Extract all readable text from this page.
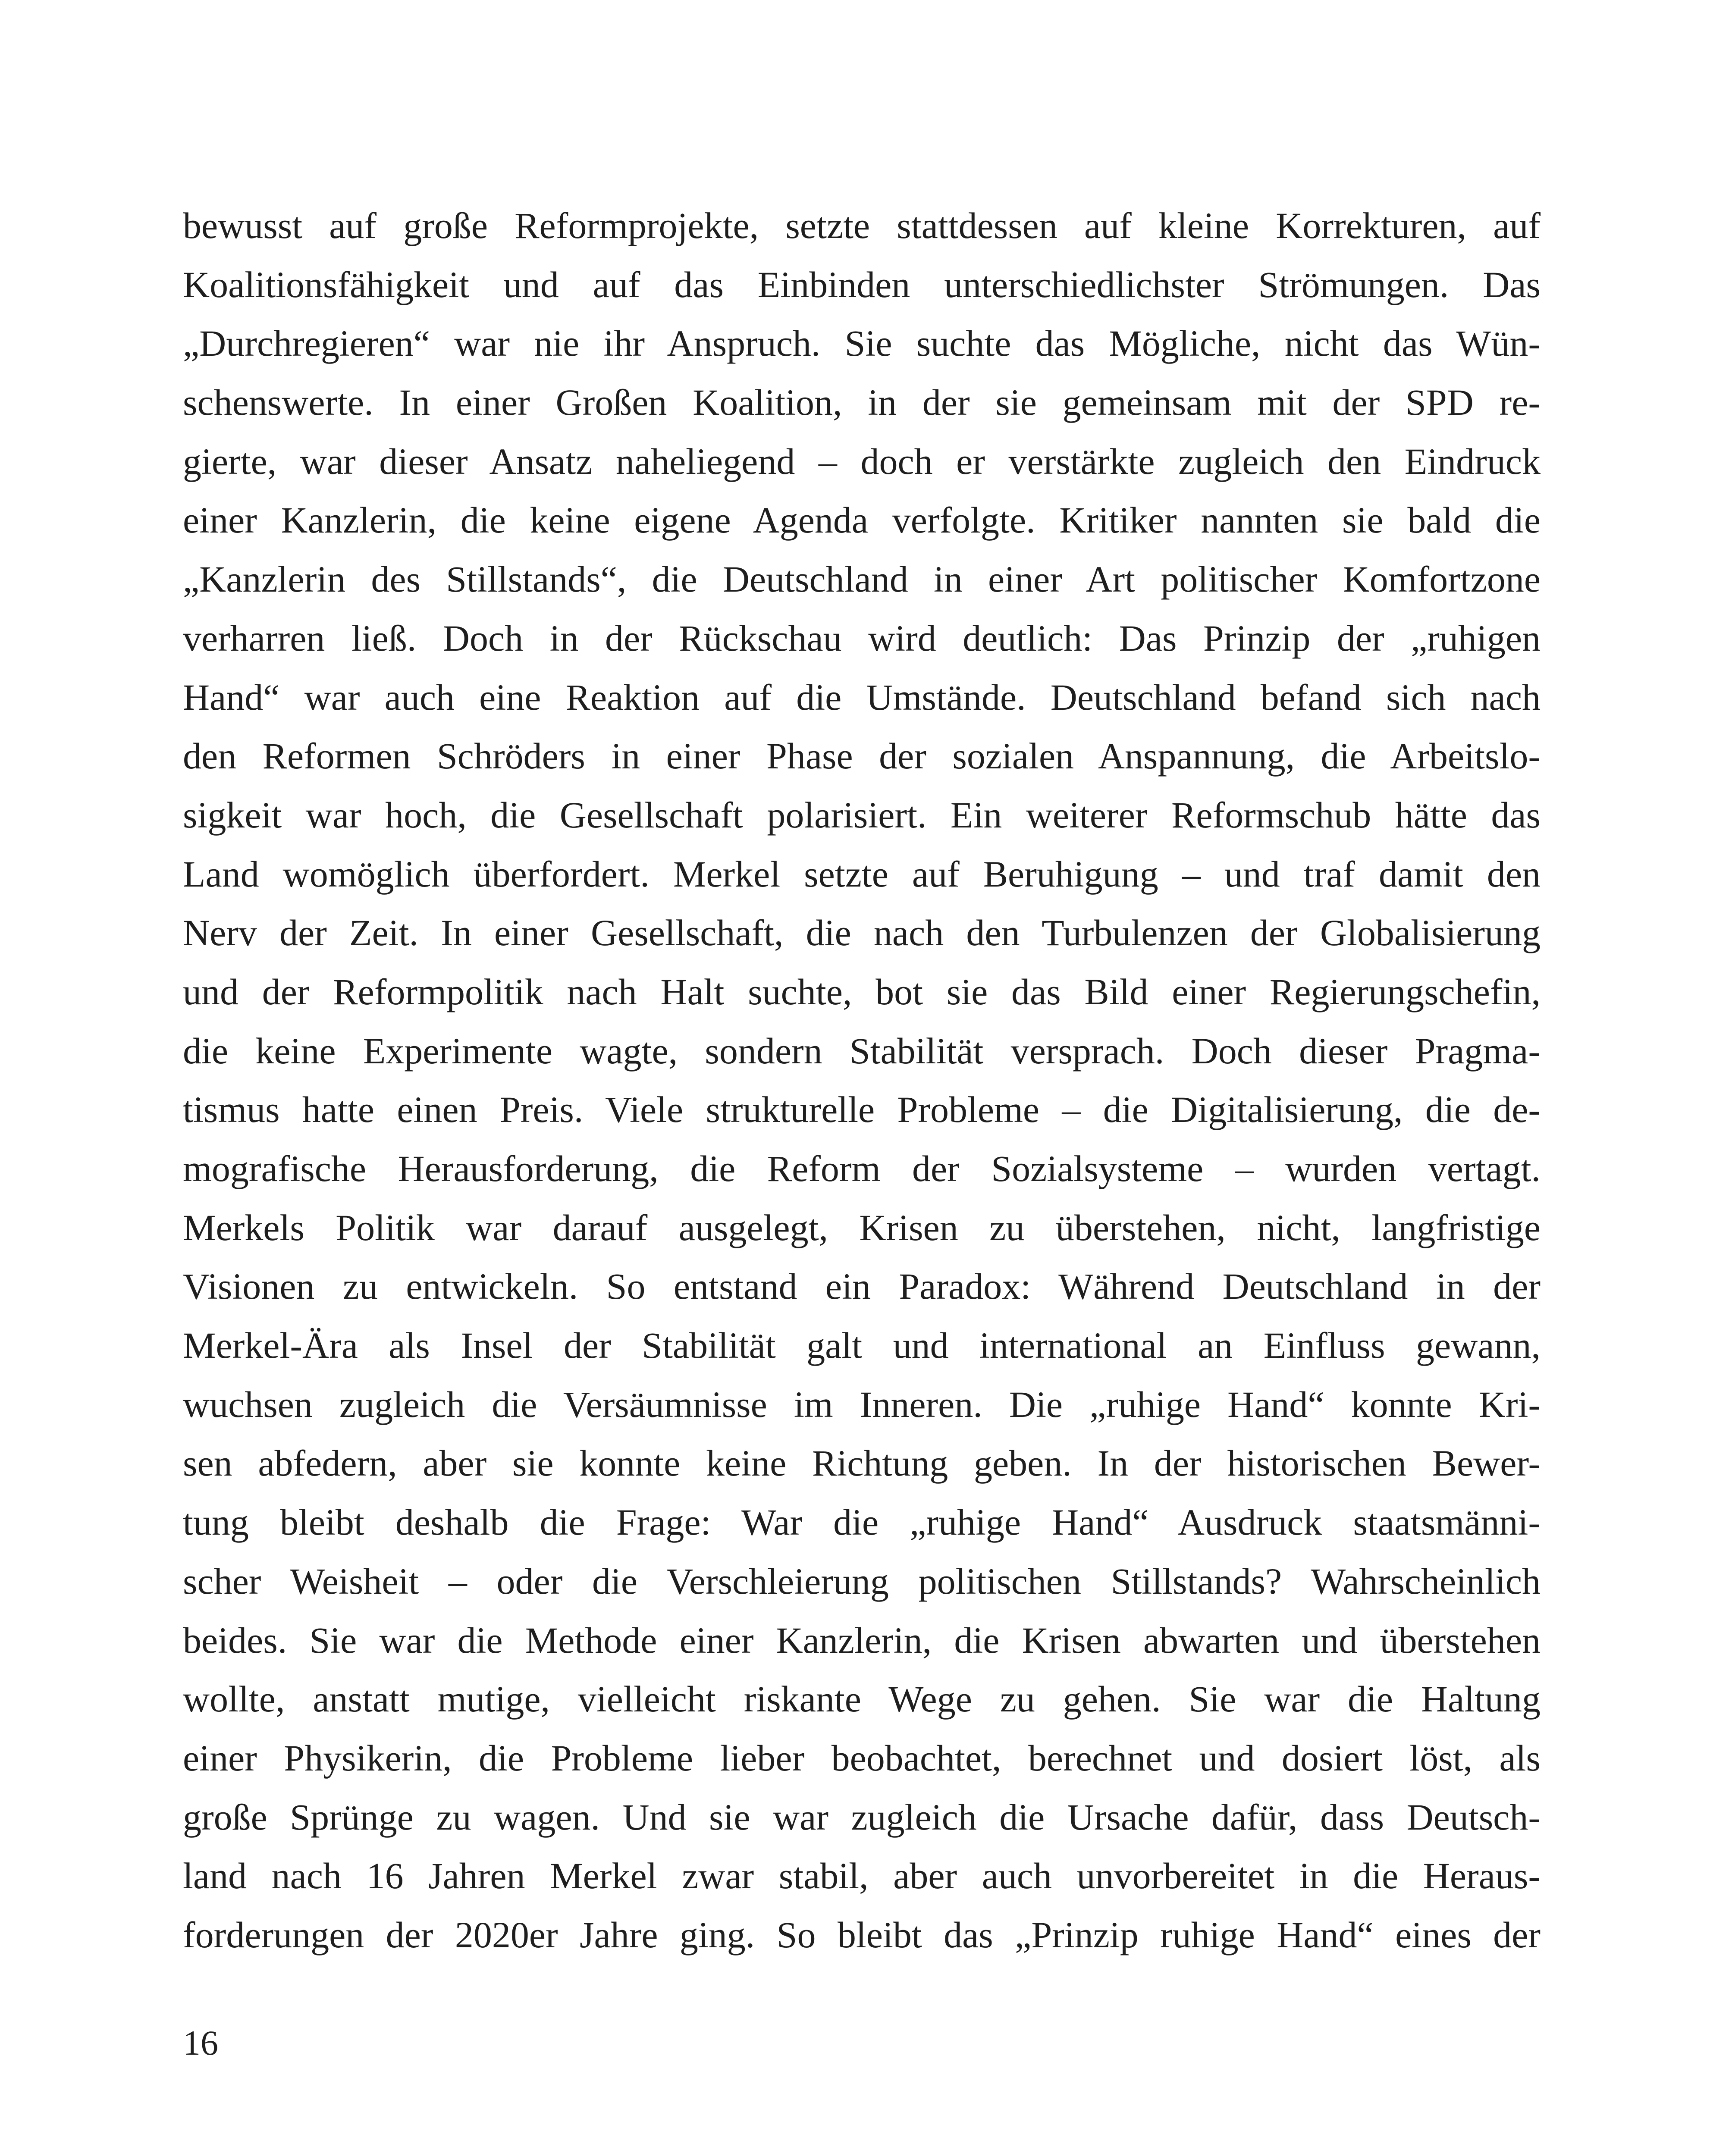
bewusst auf große Reformprojekte, setzte stattdessen auf kleine Korrekturen, auf
Koalitionsfähigkeit und auf das Einbinden unterschiedlichster Strömungen. Das
„Durchregieren“ war nie ihr Anspruch. Sie suchte das Mögliche, nicht das Wün-
schenswerte. In einer Großen Koalition, in der sie gemeinsam mit der SPD re-
gierte, war dieser Ansatz naheliegend – doch er verstärkte zugleich den Eindruck
einer Kanzlerin, die keine eigene Agenda verfolgte. Kritiker nannten sie bald die
„Kanzlerin des Stillstands“, die Deutschland in einer Art politischer Komfortzone
verharren ließ. Doch in der Rückschau wird deutlich: Das Prinzip der „ruhigen
Hand“ war auch eine Reaktion auf die Umstände. Deutschland befand sich nach
den Reformen Schröders in einer Phase der sozialen Anspannung, die Arbeitslo-
sigkeit war hoch, die Gesellschaft polarisiert. Ein weiterer Reformschub hätte das
Land womöglich überfordert. Merkel setzte auf Beruhigung – und traf damit den
Nerv der Zeit. In einer Gesellschaft, die nach den Turbulenzen der Globalisierung
und der Reformpolitik nach Halt suchte, bot sie das Bild einer Regierungschefin,
die keine Experimente wagte, sondern Stabilität versprach. Doch dieser Pragma-
tismus hatte einen Preis. Viele strukturelle Probleme – die Digitalisierung, die de-
mografische Herausforderung, die Reform der Sozialsysteme – wurden vertagt.
Merkels Politik war darauf ausgelegt, Krisen zu überstehen, nicht, langfristige
Visionen zu entwickeln. So entstand ein Paradox: Während Deutschland in der
Merkel-Ära als Insel der Stabilität galt und international an Einfluss gewann,
wuchsen zugleich die Versäumnisse im Inneren. Die „ruhige Hand“ konnte Kri-
sen abfedern, aber sie konnte keine Richtung geben. In der historischen Bewer-
tung bleibt deshalb die Frage: War die „ruhige Hand“ Ausdruck staatsmänni-
scher Weisheit – oder die Verschleierung politischen Stillstands? Wahrscheinlich
beides. Sie war die Methode einer Kanzlerin, die Krisen abwarten und überstehen
wollte, anstatt mutige, vielleicht riskante Wege zu gehen. Sie war die Haltung
einer Physikerin, die Probleme lieber beobachtet, berechnet und dosiert löst, als
große Sprünge zu wagen. Und sie war zugleich die Ursache dafür, dass Deutsch-
land nach 16 Jahren Merkel zwar stabil, aber auch unvorbereitet in die Heraus-
forderungen der 2020er Jahre ging. So bleibt das „Prinzip ruhige Hand“ eines der
16
